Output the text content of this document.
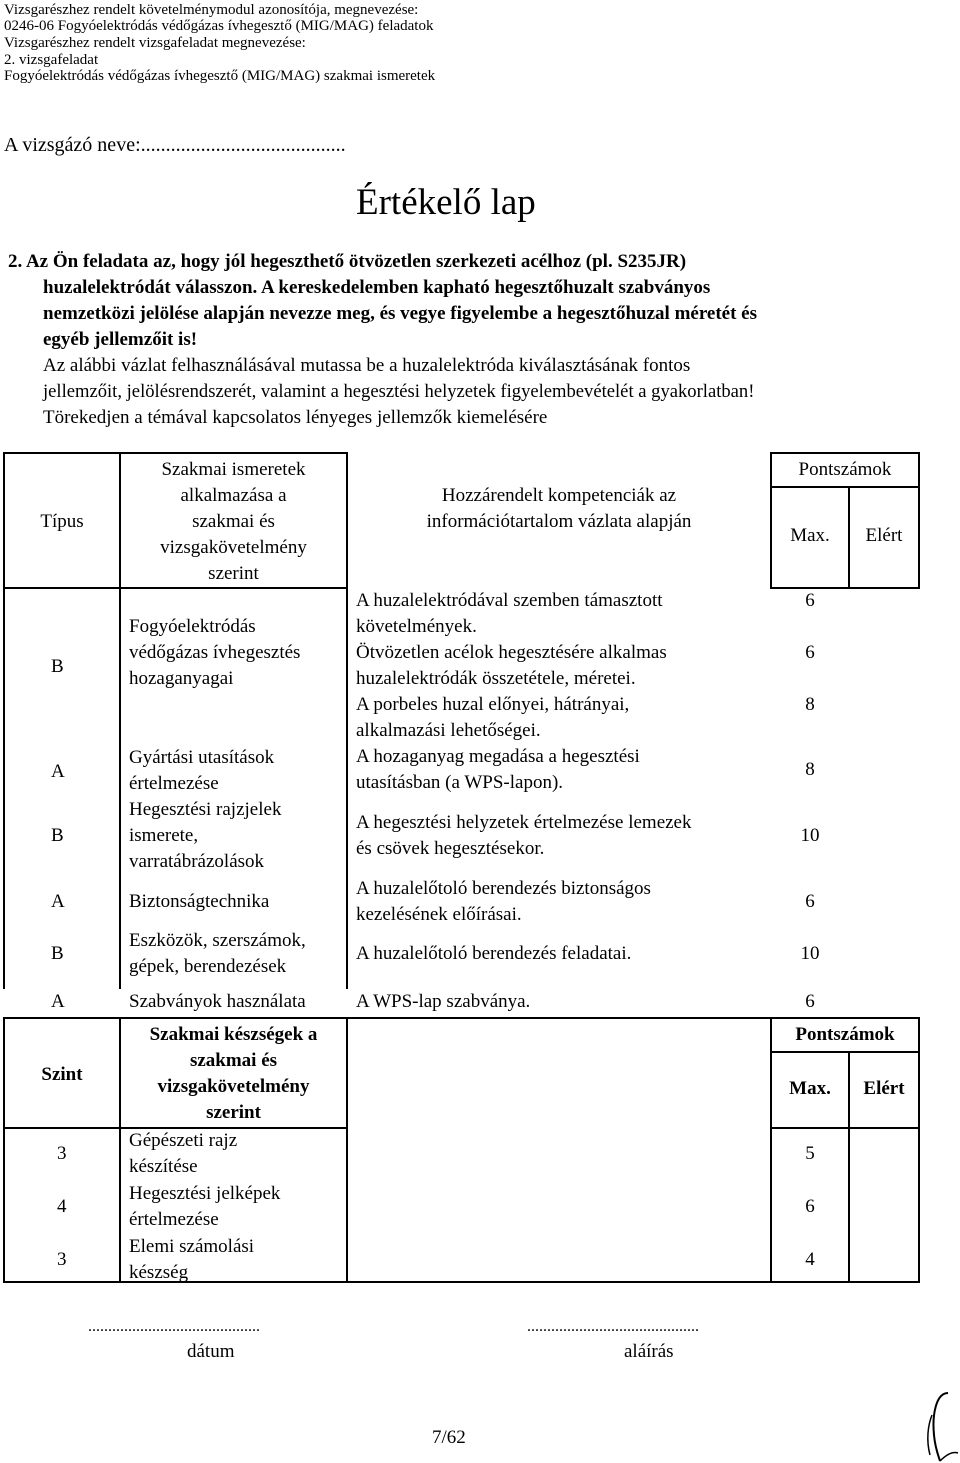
Vizsgarészhez rendelt követelménymodul azonosítója, megnevezése:
0246-06 Fogyóelektródás védőgázas ívhegesztő (MIG/MAG) feladatok
Vizsgarészhez rendelt vizsgafeladat megnevezése:
2. vizsgafeladat
Fogyóelektródás védőgázas ívhegesztő (MIG/MAG) szakmai ismeretek
A vizsgázó neve:.........................................
Értékelő lap
2. Az Ön feladata az, hogy jól hegeszthető ötvözetlen szerkezeti acélhoz (pl. S235JR)
huzalelektródát válasszon. A kereskedelemben kapható hegesztőhuzalt szabványos
nemzetközi jelölése alapján nevezze meg, és vegye figyelembe a hegesztőhuzal méretét és
egyéb jellemzőit is!
Az alábbi vázlat felhasználásával mutassa be a huzalelektróda kiválasztásának fontos
jellemzőit, jelölésrendszerét, valamint a hegesztési helyzetek figyelembevételét a gyakorlatban!
Törekedjen a témával kapcsolatos lényeges jellemzők kiemelésére
Típus
Szakmai ismeretek
alkalmazása a
szakmai és
vizsgakövetelmény
szerint
Hozzárendelt kompetenciák az
információtartalom vázlata alapján
Pontszámok
Max.	Elért
B
A
B
A
B
A
Fogyóelektródás
védőgázas ívhegesztés
hozaganyagai
Gyártási utasítások
értelmezése
Hegesztési rajzjelek
ismerete,
varratábrázolások
Biztonságtechnika
Eszközök, szerszámok,
gépek, berendezések
Szabványok használata
A huzalelektródával szemben támasztott
követelmények.
Ötvözetlen acélok hegesztésére alkalmas
huzalelektródák összetétele, méretei.
A porbeles huzal előnyei, hátrányai,
alkalmazási lehetőségei.
A hozaganyag megadása a hegesztési
utasításban (a WPS-lapon).
A hegesztési helyzetek értelmezése lemezek
és csövek hegesztésekor.
A huzalelőtoló berendezés biztonságos
kezelésének előírásai.
A huzalelőtoló berendezés feladatai.
A WPS-lap szabványa.
6
6
8
8
10
6
10
6
Szint
Szakmai készségek a
szakmai és
vizsgakövetelmény
szerint
Pontszámok
Max.	Elért
3
4
3
Gépészeti rajz
készítése
Hegesztési jelképek
értelmezése
Elemi számolási
készség
5
6
4
...........................................
dátum
...........................................
aláírás
7/62
